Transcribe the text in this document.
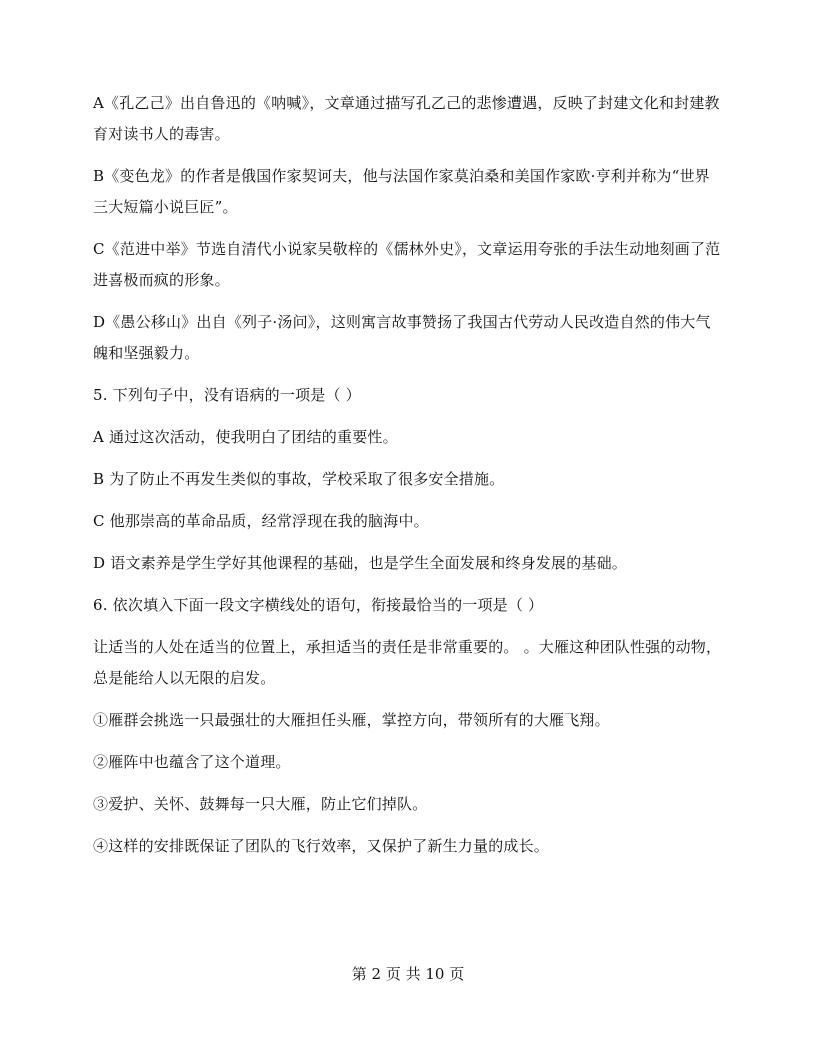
A《孔乙己》出自鲁迅的《呐喊》，文章通过描写孔乙己的悲惨遭遇，反映了封建文化和封建教育对读书人的毒害。

B《变色龙》的作者是俄国作家契诃夫，他与法国作家莫泊桑和美国作家欧·亨利并称为“世界三大短篇小说巨匠”。

C《范进中举》节选自清代小说家吴敬梓的《儒林外史》，文章运用夸张的手法生动地刻画了范进喜极而疯的形象。

D《愚公移山》出自《列子·汤问》，这则寓言故事赞扬了我国古代劳动人民改造自然的伟大气魄和坚强毅力。

5. 下列句子中，没有语病的一项是（ ）

A 通过这次活动，使我明白了团结的重要性。

B 为了防止不再发生类似的事故，学校采取了很多安全措施。

C 他那崇高的革命品质，经常浮现在我的脑海中。

D 语文素养是学生学好其他课程的基础，也是学生全面发展和终身发展的基础。

6. 依次填入下面一段文字横线处的语句，衔接最恰当的一项是（ ）

让适当的人处在适当的位置上，承担适当的责任是非常重要的。 。大雁这种团队性强的动物，总是能给人以无限的启发。

①雁群会挑选一只最强壮的大雁担任头雁，掌控方向，带领所有的大雁飞翔。

②雁阵中也蕴含了这个道理。

③爱护、关怀、鼓舞每一只大雁，防止它们掉队。

④这样的安排既保证了团队的飞行效率，又保护了新生力量的成长。

第 2 页 共 10 页
